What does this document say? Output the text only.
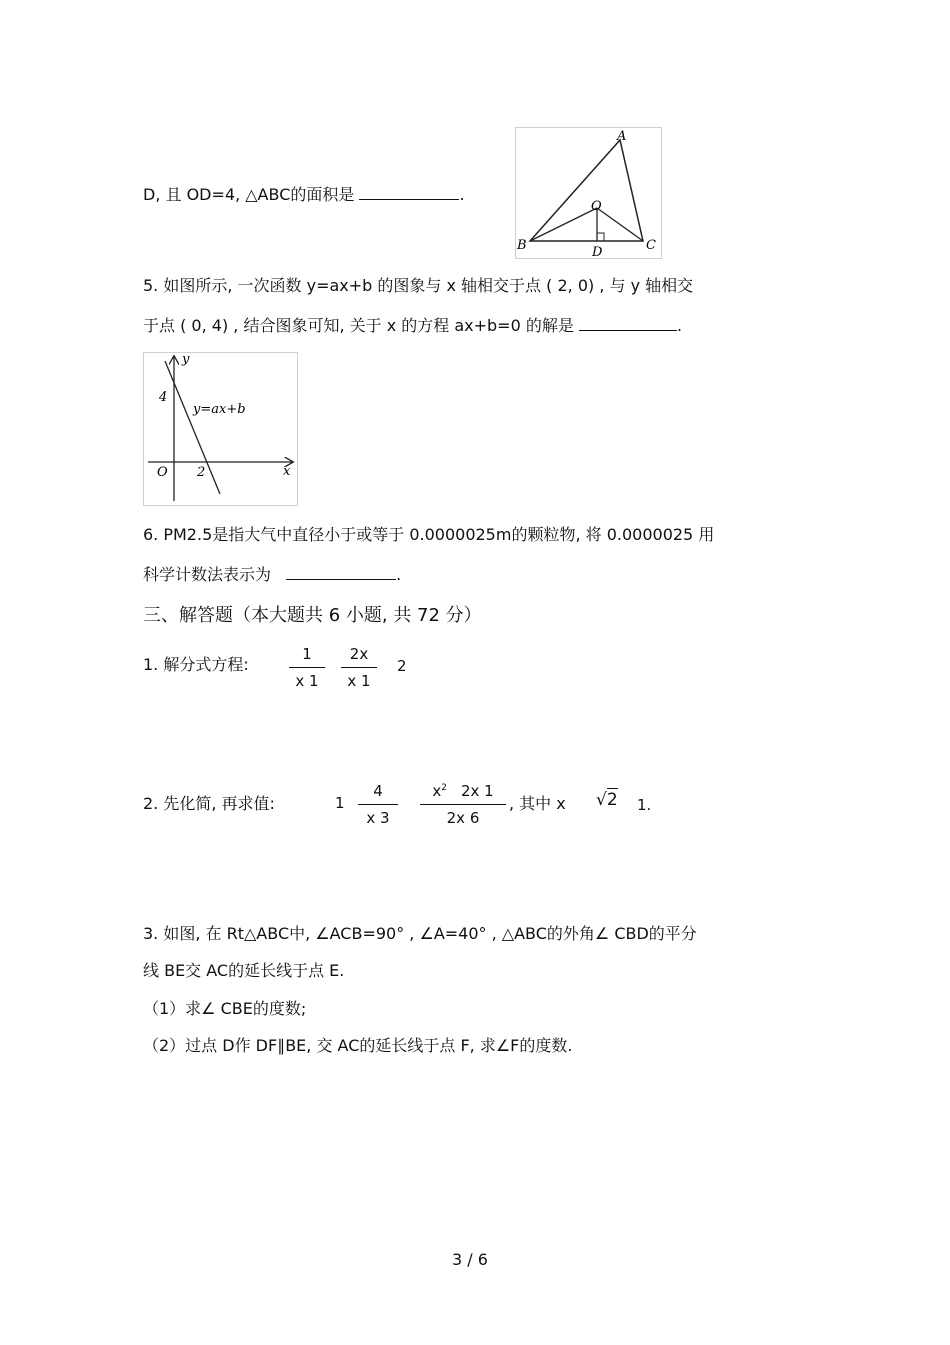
D, 且 OD=4, △ABC的面积是	.
A
B	C
O
D
5. 如图所示, 一次函数 y=ax+b 的图象与 x 轴相交于点 ( 2, 0) , 与 y 轴相交
于点 ( 0, 4) , 结合图象可知, 关于 x 的方程 ax+b=0 的解是	.
y
x
O
4
2
y=ax+b
6. PM2.5是指大气中直径小于或等于 0.0000025m的颗粒物, 将 0.0000025 用
科学计数法表示为	.
三、解答题（本大题共 6 小题, 共 72 分）
1. 解分式方程:	$\frac{1}{x 1} \frac{2x}{x 1} 2$
2. 先化简, 再求值:	$1 \frac{4}{x 3} \frac{x^2 2x 1}{2x 6}$ , 其中 x √2 1.
3. 如图, 在 Rt△ABC中, ∠ACB=90° , ∠A=40° , △ABC的外角∠ CBD的平分
线 BE交 AC的延长线于点 E.
（1）求∠ CBE的度数;
（2）过点 D作 DF∥BE, 交 AC的延长线于点 F, 求∠F的度数.
3 / 6
